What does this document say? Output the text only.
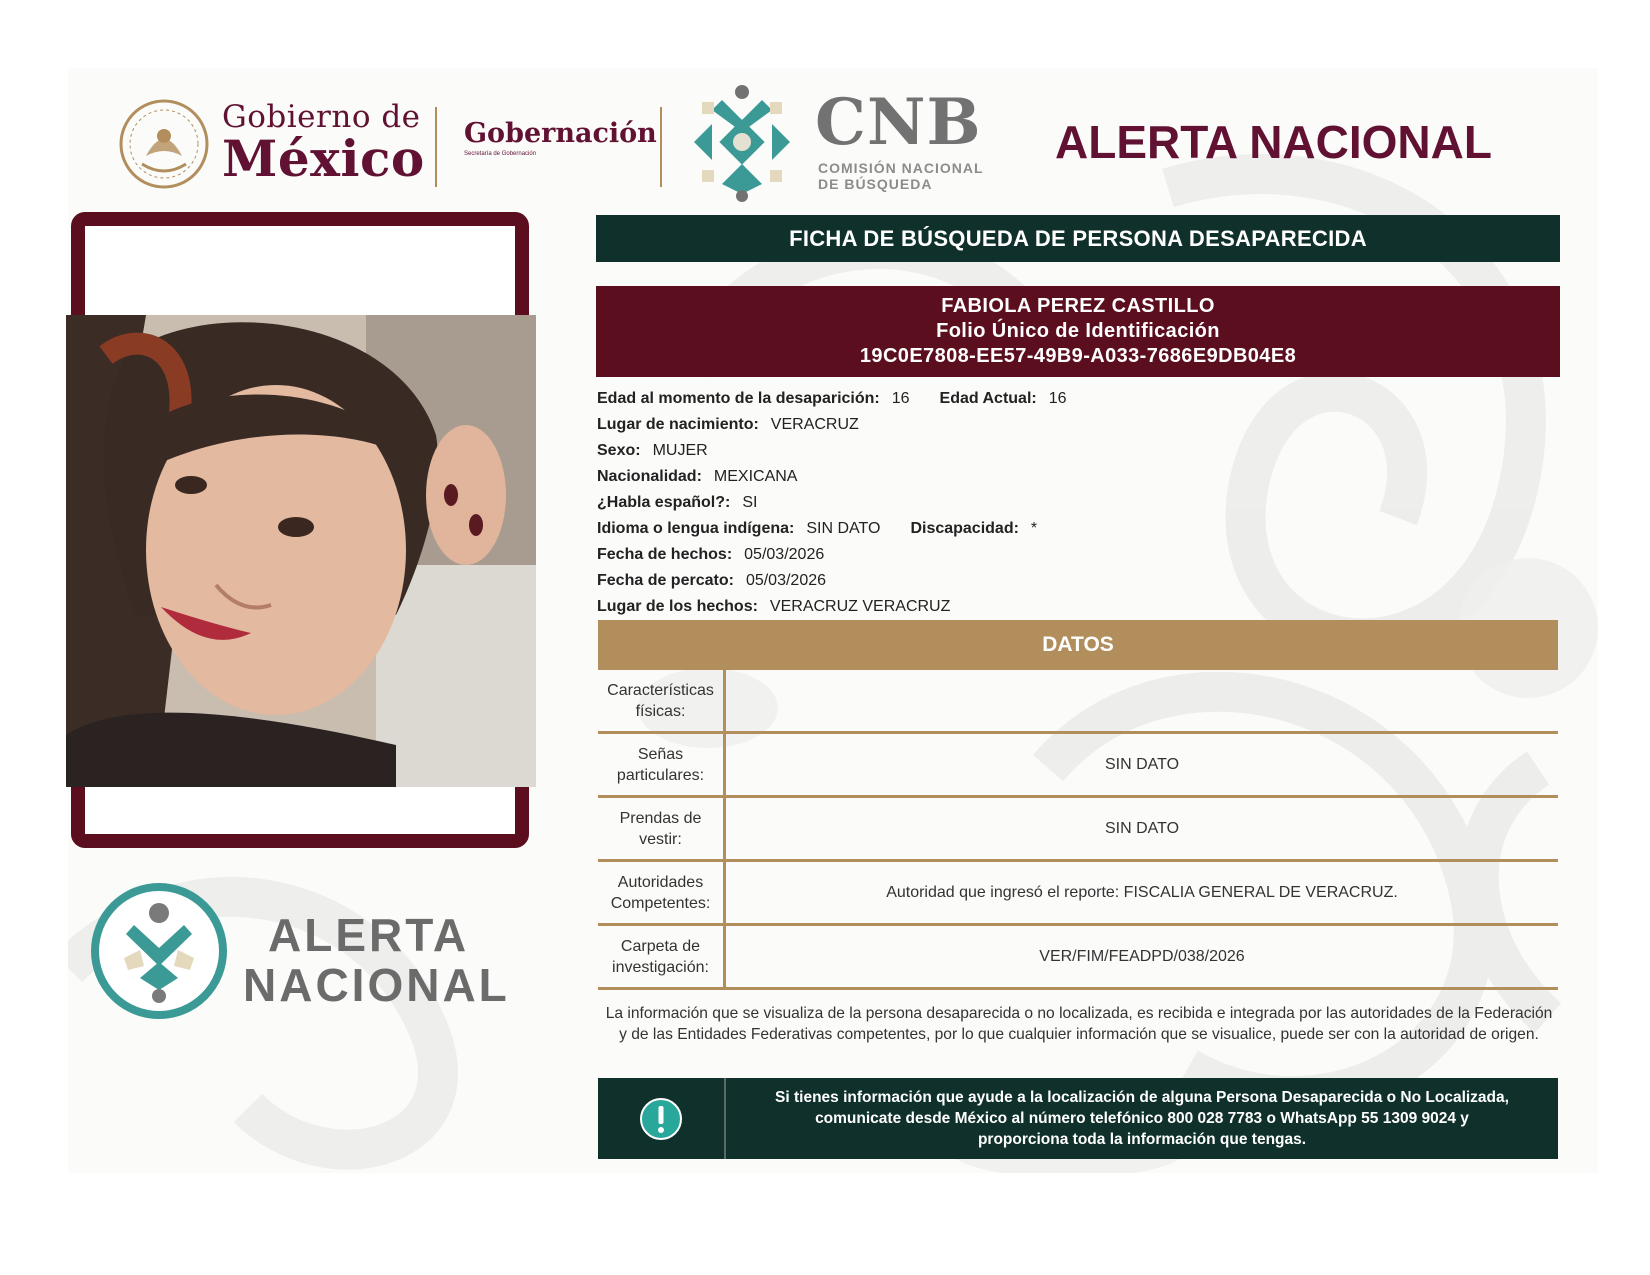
Gobierno de
México Gobernación
Secretaría de Gobernación	CNB
COMISIÓN NACIONAL
DE BÚSQUEDA
ALERTA NACIONAL
ALERTA
NACIONAL
FICHA DE BÚSQUEDA DE PERSONA DESAPARECIDA
FABIOLA PEREZ CASTILLO
Folio Único de Identificación
19C0E7808-EE57-49B9-A033-7686E9DB04E8
Edad al momento de la desaparición: 16 Edad Actual: 16
Lugar de nacimiento: VERACRUZ
Sexo: MUJER
Nacionalidad: MEXICANA
¿Habla español?: SI
Idioma o lengua indígena: SIN DATO Discapacidad: *
Fecha de hechos: 05/03/2026
Fecha de percato: 05/03/2026
Lugar de los hechos: VERACRUZ VERACRUZ
DATOS
Características
físicas:
Señas
particulares:
SIN DATO
Prendas de
vestir:
SIN DATO
Autoridades
Competentes:
Autoridad que ingresó el reporte: FISCALIA GENERAL DE VERACRUZ.
Carpeta de
investigación:
VER/FIM/FEADPD/038/2026
La información que se visualiza de la persona desaparecida o no localizada, es recibida e integrada por las autoridades de la Federación y de las Entidades Federativas competentes, por lo que cualquier información que se visualice, puede ser con la autoridad de origen.
Si tienes información que ayude a la localización de alguna Persona Desaparecida o No Localizada,
comunicate desde México al número telefónico 800 028 7783 o WhatsApp 55 1309 9024 y
proporciona toda la información que tengas.
